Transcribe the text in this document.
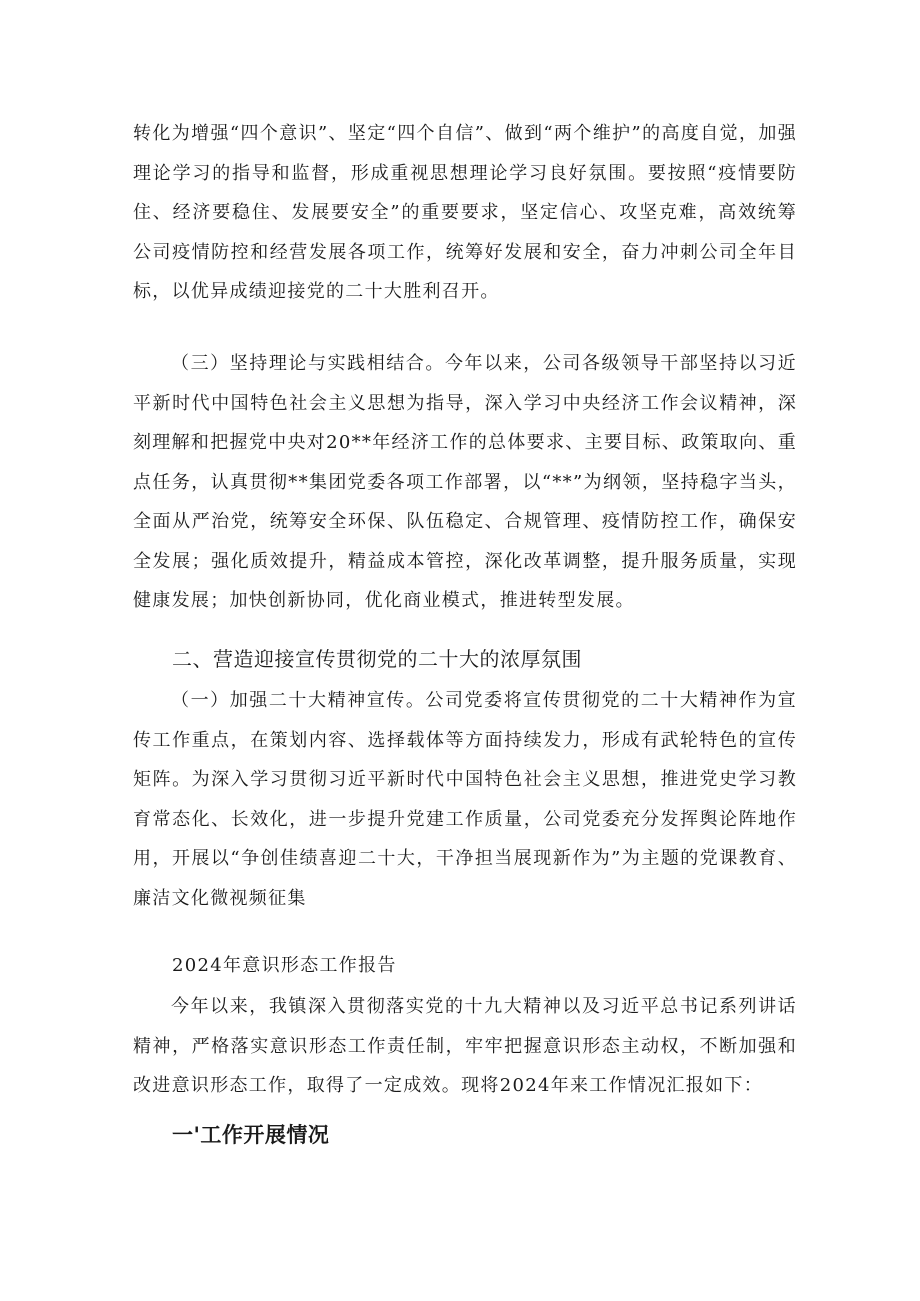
转化为增强“四个意识”、坚定“四个自信”、做到“两个维护”的高度自觉，加强理论学习的指导和监督，形成重视思想理论学习良好氛围。要按照“疫情要防住、经济要稳住、发展要安全”的重要要求，坚定信心、攻坚克难，高效统筹公司疫情防控和经营发展各项工作，统筹好发展和安全，奋力冲刺公司全年目标，以优异成绩迎接党的二十大胜利召开。

（三）坚持理论与实践相结合。今年以来，公司各级领导干部坚持以习近平新时代中国特色社会主义思想为指导，深入学习中央经济工作会议精神，深刻理解和把握党中央对20**年经济工作的总体要求、主要目标、政策取向、重点任务，认真贯彻**集团党委各项工作部署，以“**”为纲领，坚持稳字当头，全面从严治党，统筹安全环保、队伍稳定、合规管理、疫情防控工作，确保安全发展；强化质效提升，精益成本管控，深化改革调整，提升服务质量，实现健康发展；加快创新协同，优化商业模式，推进转型发展。

二、营造迎接宣传贯彻党的二十大的浓厚氛围

（一）加强二十大精神宣传。公司党委将宣传贯彻党的二十大精神作为宣传工作重点，在策划内容、选择载体等方面持续发力，形成有武轮特色的宣传矩阵。为深入学习贯彻习近平新时代中国特色社会主义思想，推进党史学习教育常态化、长效化，进一步提升党建工作质量，公司党委充分发挥舆论阵地作用，开展以“争创佳绩喜迎二十大，干净担当展现新作为”为主题的党课教育、廉洁文化微视频征集

2024年意识形态工作报告

今年以来，我镇深入贯彻落实党的十九大精神以及习近平总书记系列讲话精神，严格落实意识形态工作责任制，牢牢把握意识形态主动权，不断加强和改进意识形态工作，取得了一定成效。现将2024年来工作情况汇报如下：

一'工作开展情况
